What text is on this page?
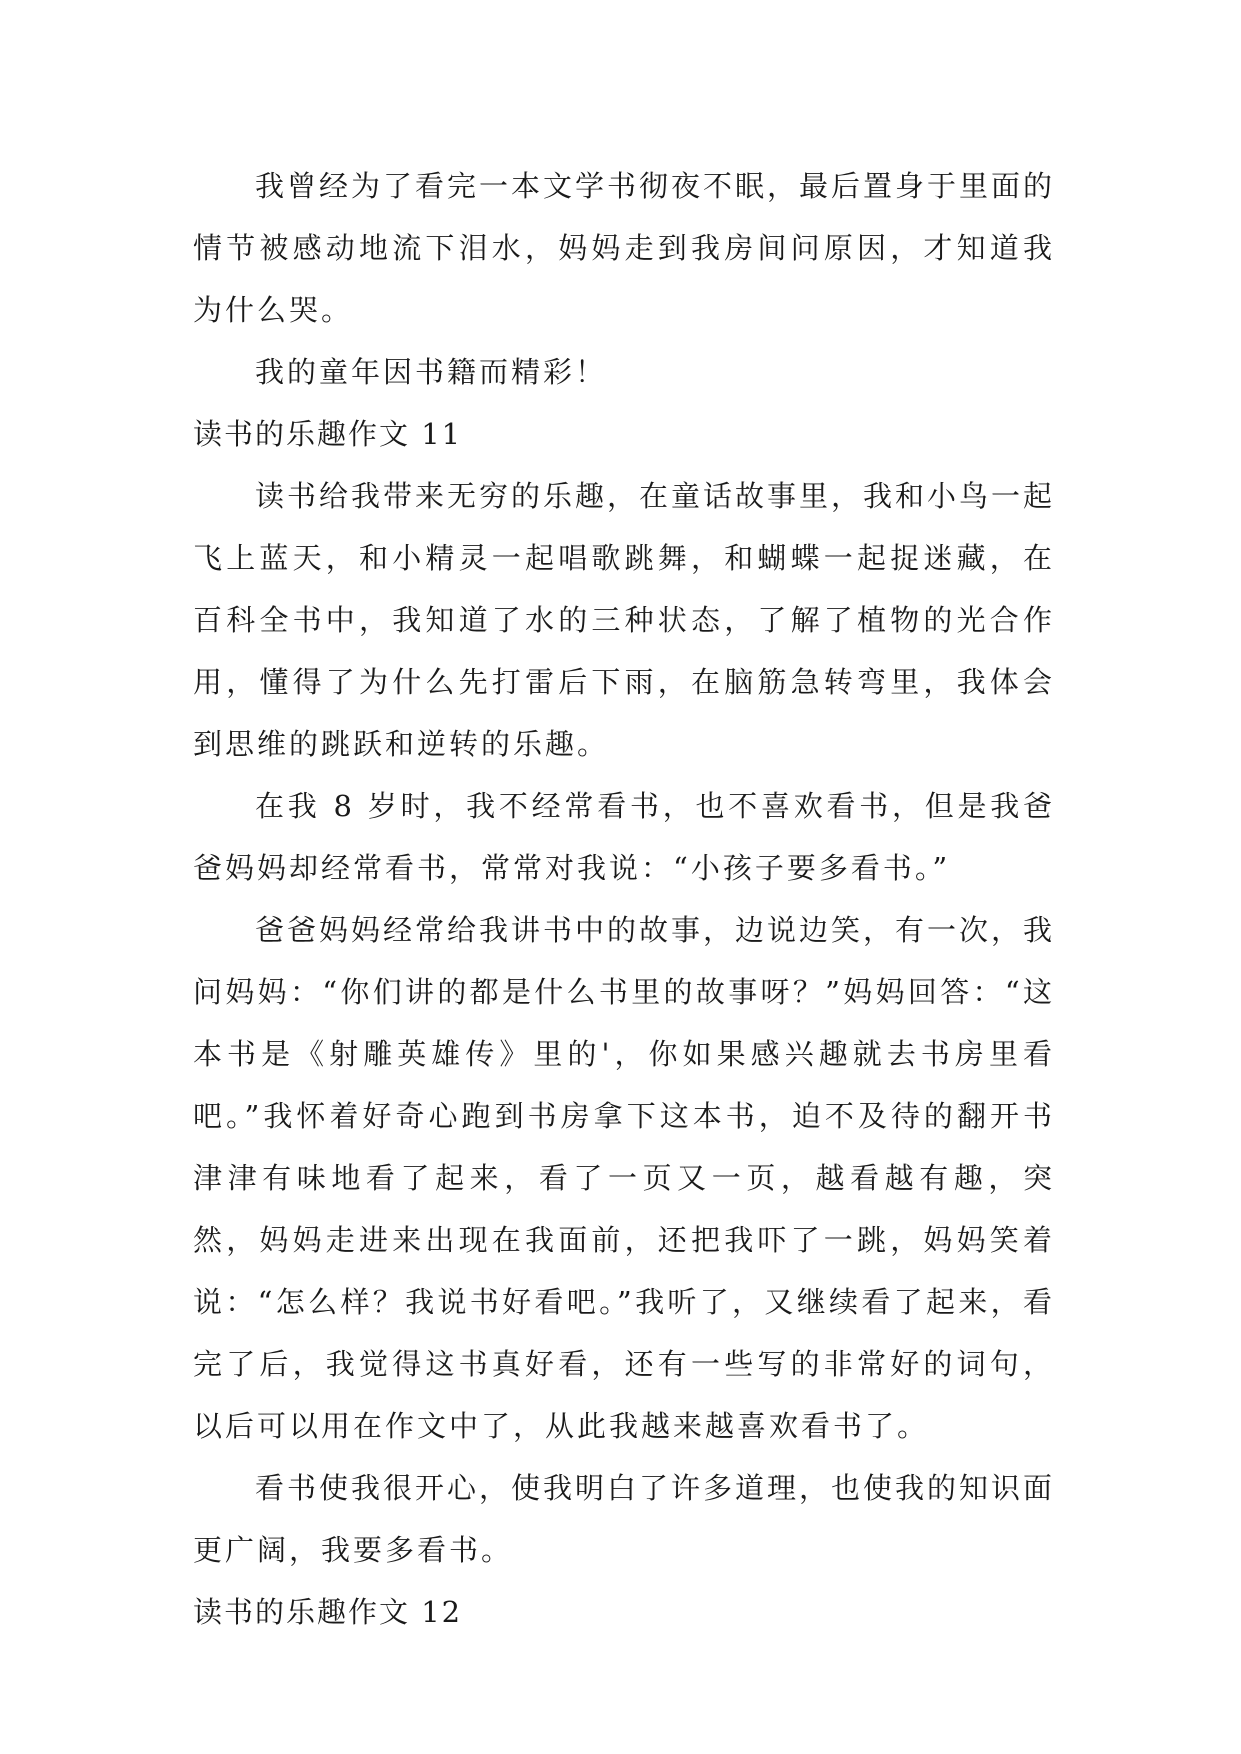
我曾经为了看完一本文学书彻夜不眠，最后置身于里面的情节被感动地流下泪水，妈妈走到我房间问原因，才知道我为什么哭。

我的童年因书籍而精彩！

读书的乐趣作文 11

读书给我带来无穷的乐趣，在童话故事里，我和小鸟一起飞上蓝天，和小精灵一起唱歌跳舞，和蝴蝶一起捉迷藏，在百科全书中，我知道了水的三种状态，了解了植物的光合作用，懂得了为什么先打雷后下雨，在脑筋急转弯里，我体会到思维的跳跃和逆转的乐趣。

在我 8 岁时，我不经常看书，也不喜欢看书，但是我爸爸妈妈却经常看书，常常对我说：“小孩子要多看书。”

爸爸妈妈经常给我讲书中的故事，边说边笑，有一次，我问妈妈：“你们讲的都是什么书里的故事呀？”妈妈回答：“这本书是《射雕英雄传》里的'，你如果感兴趣就去书房里看吧。”我怀着好奇心跑到书房拿下这本书，迫不及待的翻开书津津有味地看了起来，看了一页又一页，越看越有趣，突然，妈妈走进来出现在我面前，还把我吓了一跳，妈妈笑着说：“怎么样？我说书好看吧。”我听了，又继续看了起来，看完了后，我觉得这书真好看，还有一些写的非常好的词句，以后可以用在作文中了，从此我越来越喜欢看书了。

看书使我很开心，使我明白了许多道理，也使我的知识面更广阔，我要多看书。

读书的乐趣作文 12
